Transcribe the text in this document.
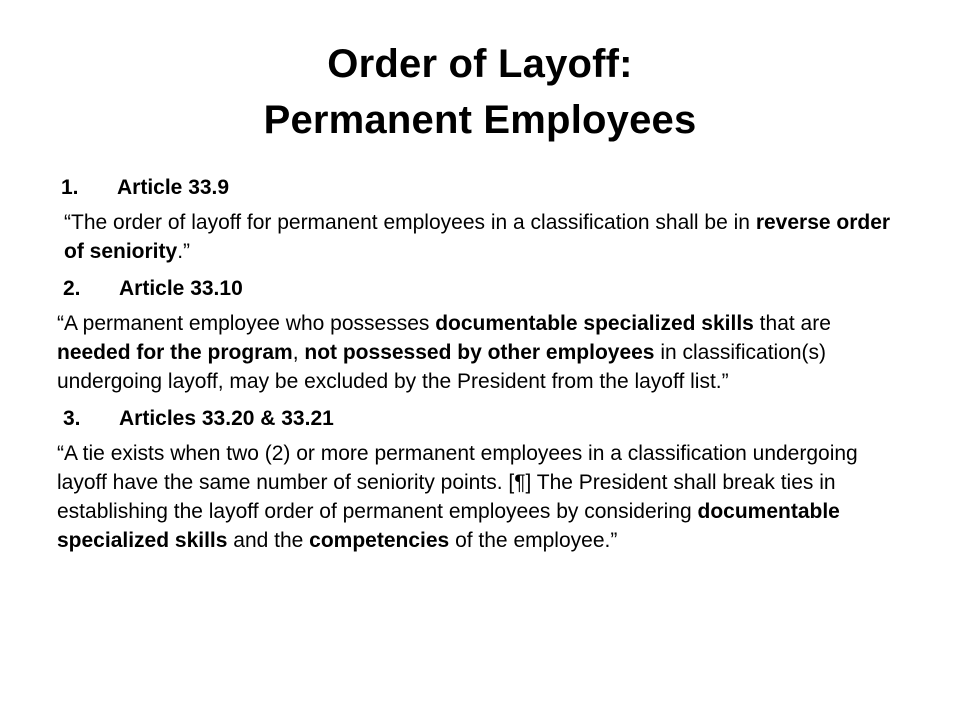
Order of Layoff:
Permanent Employees
1. Article 33.9

“The order of layoff for permanent employees in a classification shall be in reverse order of seniority.”

2. Article 33.10

“A permanent employee who possesses documentable specialized skills that are needed for the program, not possessed by other employees in classification(s) undergoing layoff, may be excluded by the President from the layoff list.”

3. Articles 33.20 & 33.21

“A tie exists when two (2) or more permanent employees in a classification undergoing layoff have the same number of seniority points. [¶] The President shall break ties in establishing the layoff order of permanent employees by considering documentable specialized skills and the competencies of the employee.”
